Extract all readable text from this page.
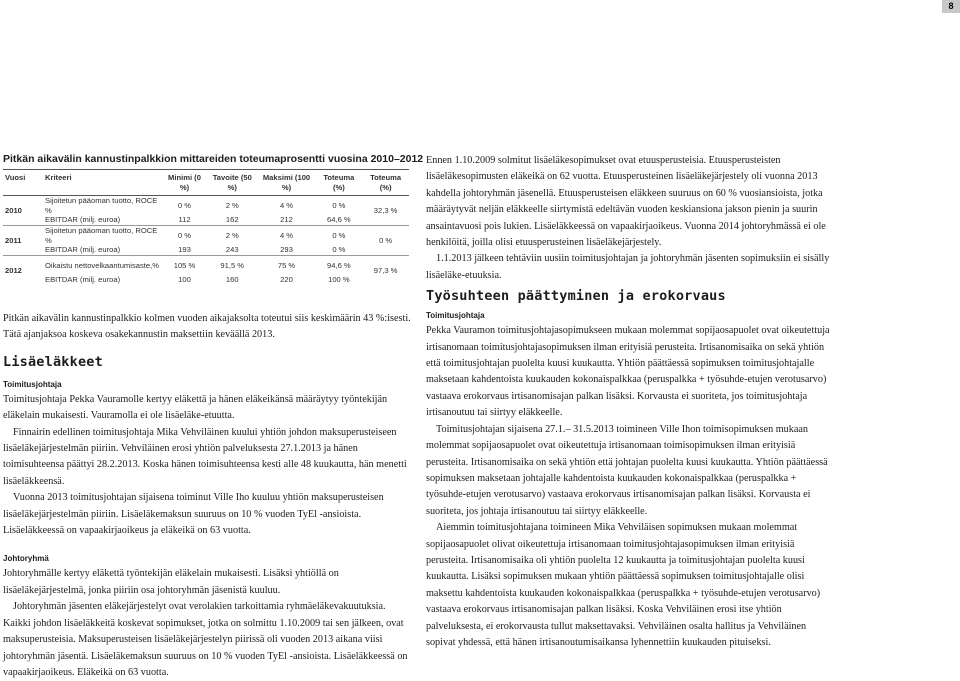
8
Pitkän aikavälin kannustinpalkkion mittareiden toteumaprosentti vuosina 2010–2012
Vuosi	Kriteeri	Minimi (0 %)	Tavoite (50 %)	Maksimi (100 %)	Toteuma (%)	Toteuma (%)
2010	Sijoitetun pääoman tuotto, ROCE %	0 %	2 %	4 %	0 %	32,3 %
	EBITDAR (milj. euroa)	112	162	212	64,6 %	
2011	Sijoitetun pääoman tuotto, ROCE %	0 %	2 %	4 %	0 %	0 %
	EBITDAR (milj. euroa)	193	243	293	0 %	
2012	Oikaistu nettovelkaantumisaste,%	105 %	91,5 %	75 %	94,6 %	97,3 %
	EBITDAR (milj. euroa)	100	160	220	100 %	

Pitkän aikavälin kannustinpalkkio kolmen vuoden aikajaksolta toteutui siis keskimäärin 43 %:isesti. Tätä ajanjaksoa koskeva osakekannustin maksettiin keväällä 2013.

Lisäeläkkeet
Toimitusjohtaja

Toimitusjohtaja Pekka Vauramolle kertyy eläkettä ja hänen eläkeikänsä määräytyy työntekijän eläkelain mukaisesti. Vauramolla ei ole lisäeläke-etuutta.

Finnairin edellinen toimitusjohtaja Mika Vehviläinen kuului yhtiön johdon maksuperusteiseen lisäeläkejärjestelmän piiriin. Vehviläinen erosi yhtiön palveluksesta 27.1.2013 ja hänen toimisuhteensa päättyi 28.2.2013. Koska hänen toimisuhteensa kesti alle 48 kuukautta, hän menetti lisäeläkkeensä.

Vuonna 2013 toimitusjohtajan sijaisena toiminut Ville Iho kuuluu yhtiön maksuperusteisen lisäeläkejärjestelmän piiriin. Lisäeläkemaksun suuruus on 10 % vuoden TyEl -ansioista. Lisäeläkkeessä on vapaakirjaoikeus ja eläkeikä on 63 vuotta.

Johtoryhmä

Johtoryhmälle kertyy eläkettä työntekijän eläkelain mukaisesti. Lisäksi yhtiöllä on lisäeläkejärjestelmä, jonka piiriin osa johtoryhmän jäsenistä kuuluu.

Johtoryhmän jäsenten eläkejärjestelyt ovat verolakien tarkoittamia ryhmäeläkevakuutuksia. Kaikki johdon lisäeläkkeitä koskevat sopimukset, jotka on solmittu 1.10.2009 tai sen jälkeen, ovat maksuperusteisia. Maksuperusteisen lisäeläkejärjestelyn piirissä oli vuoden 2013 aikana viisi johtoryhmän jäsentä. Lisäeläkemaksun suuruus on 10 % vuoden TyEl -ansioista. Lisäeläkkeessä on vapaakirjaoikeus. Eläkeikä on 63 vuotta.

Ennen 1.10.2009 solmitut lisäeläkesopimukset ovat etuusperusteisia. Etuusperusteisten lisäeläkesopimusten eläkeikä on 62 vuotta. Etuusperusteinen lisäeläkejärjestely oli vuonna 2013 kahdella johtoryhmän jäsenellä. Etuusperusteisen eläkkeen suuruus on 60 % vuosiansioista, jotka määräytyvät neljän eläkkeelle siirtymistä edeltävän vuoden keskiansiona jakson pienin ja suurin ansaintavuosi pois lukien. Lisäeläkkeessä on vapaakirjaoikeus. Vuonna 2014 johtoryhmässä ei ole henkilöitä, joilla olisi etuusperusteinen lisäeläkejärjestely.

1.1.2013 jälkeen tehtäviin uusiin toimitusjohtajan ja johtoryhmän jäsenten sopimuksiin ei sisälly lisäeläke-etuuksia.

Työsuhteen päättyminen ja erokorvaus
Toimitusjohtaja

Pekka Vauramon toimitusjohtajasopimukseen mukaan molemmat sopijaosapuolet ovat oikeutettuja irtisanomaan toimitusjohtajasopimuksen ilman erityisiä perusteita. Irtisanomisaika on sekä yhtiön että toimitusjohtajan puolelta kuusi kuukautta. Yhtiön päättäessä sopimuksen toimitusjohtajalle maksetaan kahdentoista kuukauden kokonaispalkkaa (peruspalkka + työsuhde-etujen verotusarvo) vastaava erokorvaus irtisanomisajan palkan lisäksi. Korvausta ei suoriteta, jos toimitusjohtaja irtisanoutuu tai siirtyy eläkkeelle.

Toimitusjohtajan sijaisena 27.1.– 31.5.2013 toimineen Ville Ihon toimisopimuksen mukaan molemmat sopijaosapuolet ovat oikeutettuja irtisanomaan toimisopimuksen ilman erityisiä perusteita. Irtisanomisaika on sekä yhtiön että johtajan puolelta kuusi kuukautta. Yhtiön päättäessä sopimuksen maksetaan johtajalle kahdentoista kuukauden kokonaispalkkaa (peruspalkka + työsuhde-etujen verotusarvo) vastaava erokorvaus irtisanomisajan palkan lisäksi. Korvausta ei suoriteta, jos johtaja irtisanoutuu tai siirtyy eläkkeelle.

Aiemmin toimitusjohtajana toimineen Mika Vehviläisen sopimuksen mukaan molemmat sopijaosapuolet olivat oikeutettuja irtisanomaan toimitusjohtajasopimuksen ilman erityisiä perusteita. Irtisanomisaika oli yhtiön puolelta 12 kuukautta ja toimitusjohtajan puolelta kuusi kuukautta. Lisäksi sopimuksen mukaan yhtiön päättäessä sopimuksen toimitusjohtajalle olisi maksettu kahdentoista kuukauden kokonaispalkkaa (peruspalkka + työsuhde-etujen verotusarvo) vastaava erokorvaus irtisanomisajan palkan lisäksi. Koska Vehviläinen erosi itse yhtiön palveluksesta, ei erokorvausta tullut maksettavaksi. Vehviläinen osalta hallitus ja Vehviläinen sopivat yhdessä, että hänen irtisanoutumisaikansa lyhennettiin kuukauden pituiseksi.
